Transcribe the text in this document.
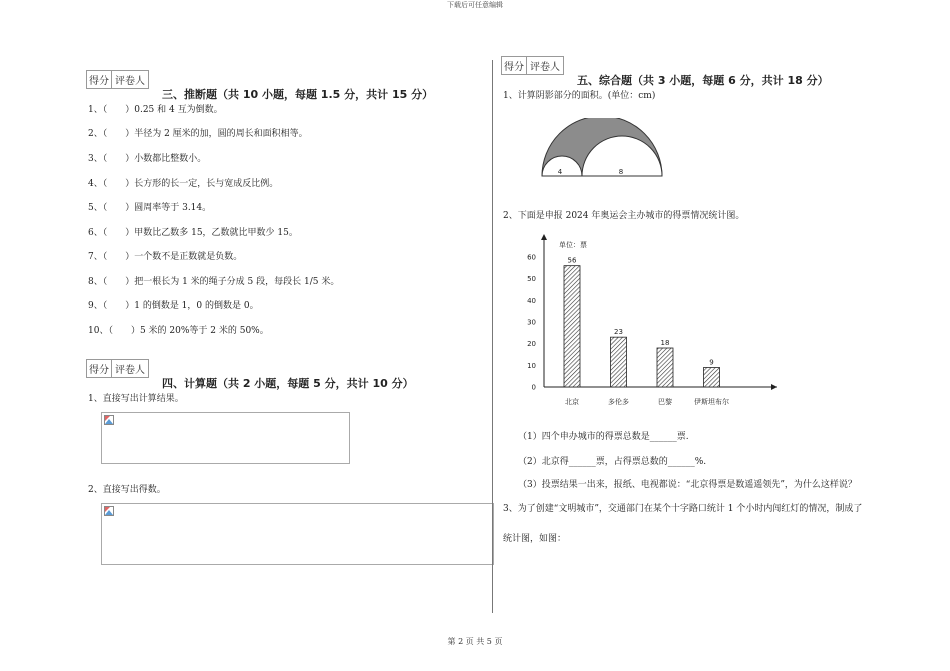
下载后可任意编辑
得分 评卷人
三、推断题（共 10 小题，每题 1.5 分，共计 15 分）
1、（　　）0.25 和 4 互为倒数。
2、（　　）半径为 2 厘米的加，圆的周长和面积相等。
3、（　　）小数都比整数小。
4、（　　）长方形的长一定，长与宽成反比例。
5、（　　）圆周率等于 3.14。
6、（　　）甲数比乙数多 15，乙数就比甲数少 15。
7、（　　）一个数不是正数就是负数。
8、（　　）把一根长为 1 米的绳子分成 5 段，每段长 1/5 米。
9、（　　）1 的倒数是 1，0 的倒数是 0。
10、（　　）5 米的 20%等于 2 米的 50%。
得分 评卷人
四、计算题（共 2 小题，每题 5 分，共计 10 分）
1、直接写出计算结果。
2、直接写出得数。
得分 评卷人
五、综合题（共 3 小题，每题 6 分，共计 18 分）
1、计算阴影部分的面积。(单位：cm)
4	8
2、下面是申报 2024 年奥运会主办城市的得票情况统计图。
0
10
20
30
40
50
60	56
北京
23
多伦多
18
巴黎
9
伊斯坦布尔
单位：票
（1）四个申办城市的得票总数是______票.
（2）北京得______票，占得票总数的______%.
（3）投票结果一出来，报纸、电视都说：“北京得票是数遥遥领先”，为什么这样说？
3、为了创建“文明城市”，交通部门在某个十字路口统计 1 个小时内闯红灯的情况，制成了
统计图，如图：
第 2 页 共 5 页
